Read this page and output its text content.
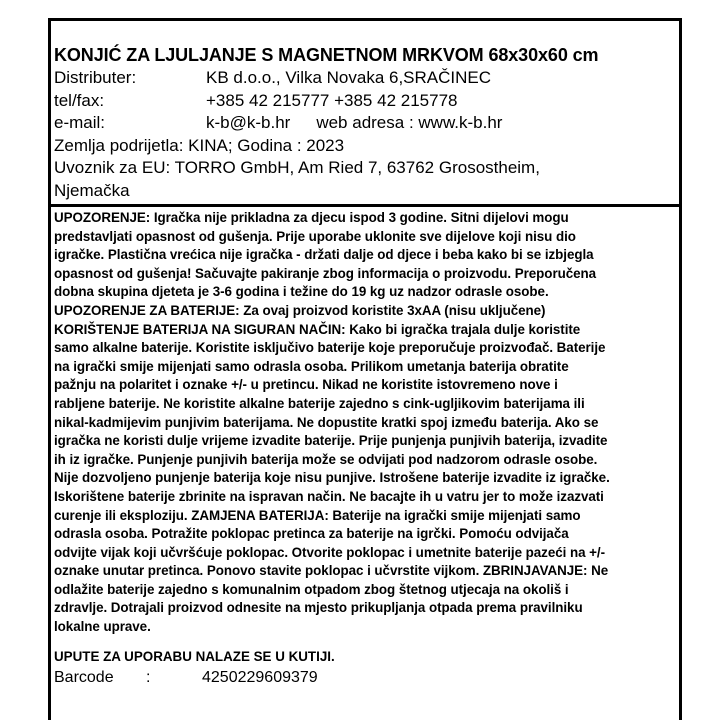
KONJIĆ ZA LJULJANJE S MAGNETNOM MRKVOM 68x30x60 cm
Distributer:	KB d.o.o., Vilka Novaka 6,SRAČINEC
tel/fax:	+385 42 215777 +385 42 215778
e-mail:	k-b@k-b.hr web adresa : www.k-b.hr
Zemlja podrijetla: KINA; Godina : 2023
Uvoznik za EU: TORRO GmbH, Am Ried 7, 63762 Grosostheim,
Njemačka
UPOZORENJE: Igračka nije prikladna za djecu ispod 3 godine. Sitni dijelovi mogu
predstavljati opasnost od gušenja. Prije uporabe uklonite sve dijelove koji nisu dio
igračke. Plastična vrećica nije igračka - držati dalje od djece i beba kako bi se izbjegla
opasnost od gušenja! Sačuvajte pakiranje zbog informacija o proizvodu. Preporučena
dobna skupina djeteta je 3-6 godina i težine do 19 kg uz nadzor odrasle osobe.
UPOZORENJE ZA BATERIJE: Za ovaj proizvod koristite 3xAA (nisu uključene)
KORIŠTENJE BATERIJA NA SIGURAN NAČIN: Kako bi igračka trajala dulje koristite
samo alkalne baterije. Koristite isključivo baterije koje preporučuje proizvođač. Baterije
na igrački smije mijenjati samo odrasla osoba. Prilikom umetanja baterija obratite
pažnju na polaritet i oznake +/- u pretincu. Nikad ne koristite istovremeno nove i
rabljene baterije. Ne koristite alkalne baterije zajedno s cink-ugljikovim baterijama ili
nikal-kadmijevim punjivim baterijama. Ne dopustite kratki spoj između baterija. Ako se
igračka ne koristi dulje vrijeme izvadite baterije. Prije punjenja punjivih baterija, izvadite
ih iz igračke. Punjenje punjivih baterija može se odvijati pod nadzorom odrasle osobe.
Nije dozvoljeno punjenje baterija koje nisu punjive. Istrošene baterije izvadite iz igračke.
Iskorištene baterije zbrinite na ispravan način. Ne bacajte ih u vatru jer to može izazvati
curenje ili eksploziju. ZAMJENA BATERIJA: Baterije na igrački smije mijenjati samo
odrasla osoba. Potražite poklopac pretinca za baterije na igrčki. Pomoću odvijača
odvijte vijak koji učvršćuje poklopac. Otvorite poklopac i umetnite baterije pazeći na +/-
oznake unutar pretinca. Ponovo stavite poklopac i učvrstite vijkom. ZBRINJAVANJE: Ne
odlažite baterije zajedno s komunalnim otpadom zbog štetnog utjecaja na okoliš i
zdravlje. Dotrajali proizvod odnesite na mjesto prikupljanja otpada prema pravilniku
lokalne uprave.
UPUTE ZA UPORABU NALAZE SE U KUTIJI.
Barcode :	4250229609379
